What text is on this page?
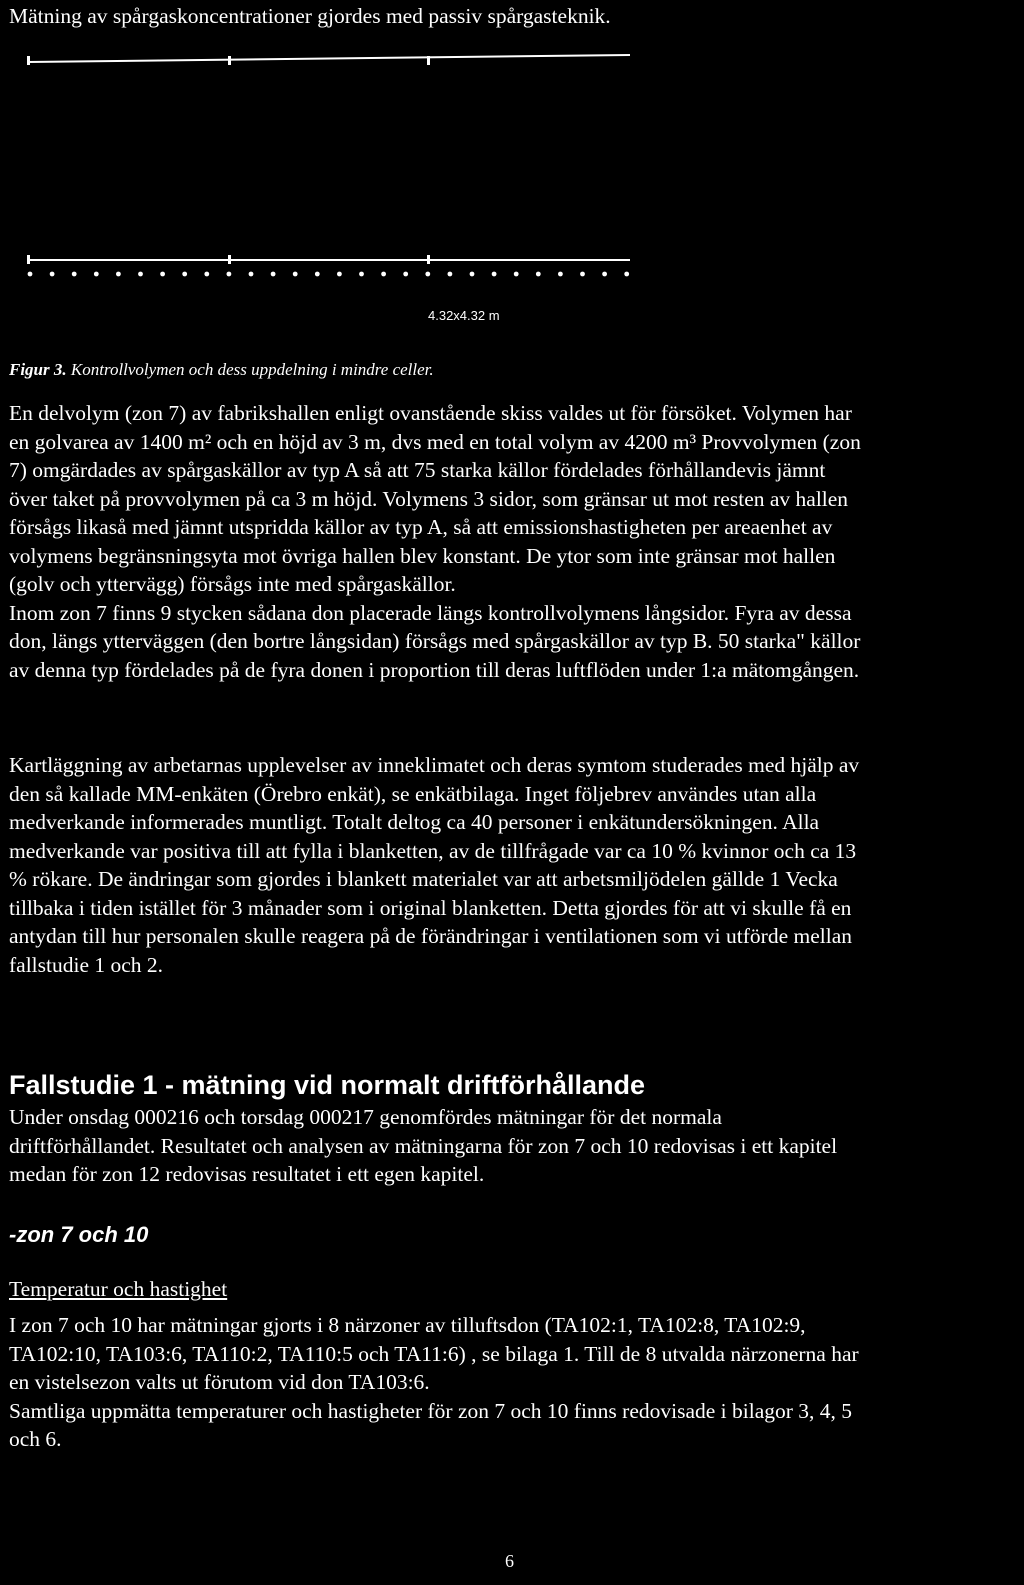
Mätning av spårgaskoncentrationer gjordes med passiv spårgasteknik.

4.32x4.32 m

Figur 3. Kontrollvolymen och dess uppdelning i mindre celler.

En delvolym (zon 7) av fabrikshallen enligt ovanstående skiss valdes ut för försöket. Volymen har
en golvarea av 1400 m² och en höjd av 3 m, dvs med en total volym av 4200 m³ Provvolymen (zon
7) omgärdades av spårgaskällor av typ A så att 75 starka källor fördelades förhållandevis jämnt
över taket på provvolymen på ca 3 m höjd. Volymens 3 sidor, som gränsar ut mot resten av hallen
försågs likaså med jämnt utspridda källor av typ A, så att emissionshastigheten per areaenhet av
volymens begränsningsyta mot övriga hallen blev konstant. De ytor som inte gränsar mot hallen
(golv och yttervägg) försågs inte med spårgaskällor.
Inom zon 7 finns 9 stycken sådana don placerade längs kontrollvolymens långsidor. Fyra av dessa
don, längs ytterväggen (den bortre långsidan) försågs med spårgaskällor av typ B. 50 starka" källor
av denna typ fördelades på de fyra donen i proportion till deras luftflöden under 1:a mätomgången.
Kartläggning av arbetarnas upplevelser av inneklimatet och deras symtom studerades med hjälp av
den så kallade MM-enkäten (Örebro enkät), se enkätbilaga. Inget följebrev användes utan alla
medverkande informerades muntligt. Totalt deltog ca 40 personer i enkätundersökningen. Alla
medverkande var positiva till att fylla i blanketten, av de tillfrågade var ca 10 % kvinnor och ca 13
% rökare. De ändringar som gjordes i blankett materialet var att arbetsmiljödelen gällde 1 Vecka
tillbaka i tiden istället för 3 månader som i original blanketten. Detta gjordes för att vi skulle få en
antydan till hur personalen skulle reagera på de förändringar i ventilationen som vi utförde mellan
fallstudie 1 och 2.
Fallstudie 1 - mätning vid normalt driftförhållande
Under onsdag 000216 och torsdag 000217 genomfördes mätningar för det normala
driftförhållandet. Resultatet och analysen av mätningarna för zon 7 och 10 redovisas i ett kapitel
medan för zon 12 redovisas resultatet i ett egen kapitel.
-zon 7 och 10
Temperatur och hastighet
I zon 7 och 10 har mätningar gjorts i 8 närzoner av tilluftsdon (TA102:1, TA102:8, TA102:9,
TA102:10, TA103:6, TA110:2, TA110:5 och TA11:6) , se bilaga 1. Till de 8 utvalda närzonerna har
en vistelsezon valts ut förutom vid don TA103:6.
Samtliga uppmätta temperaturer och hastigheter för zon 7 och 10 finns redovisade i bilagor 3, 4, 5
och 6.
6
